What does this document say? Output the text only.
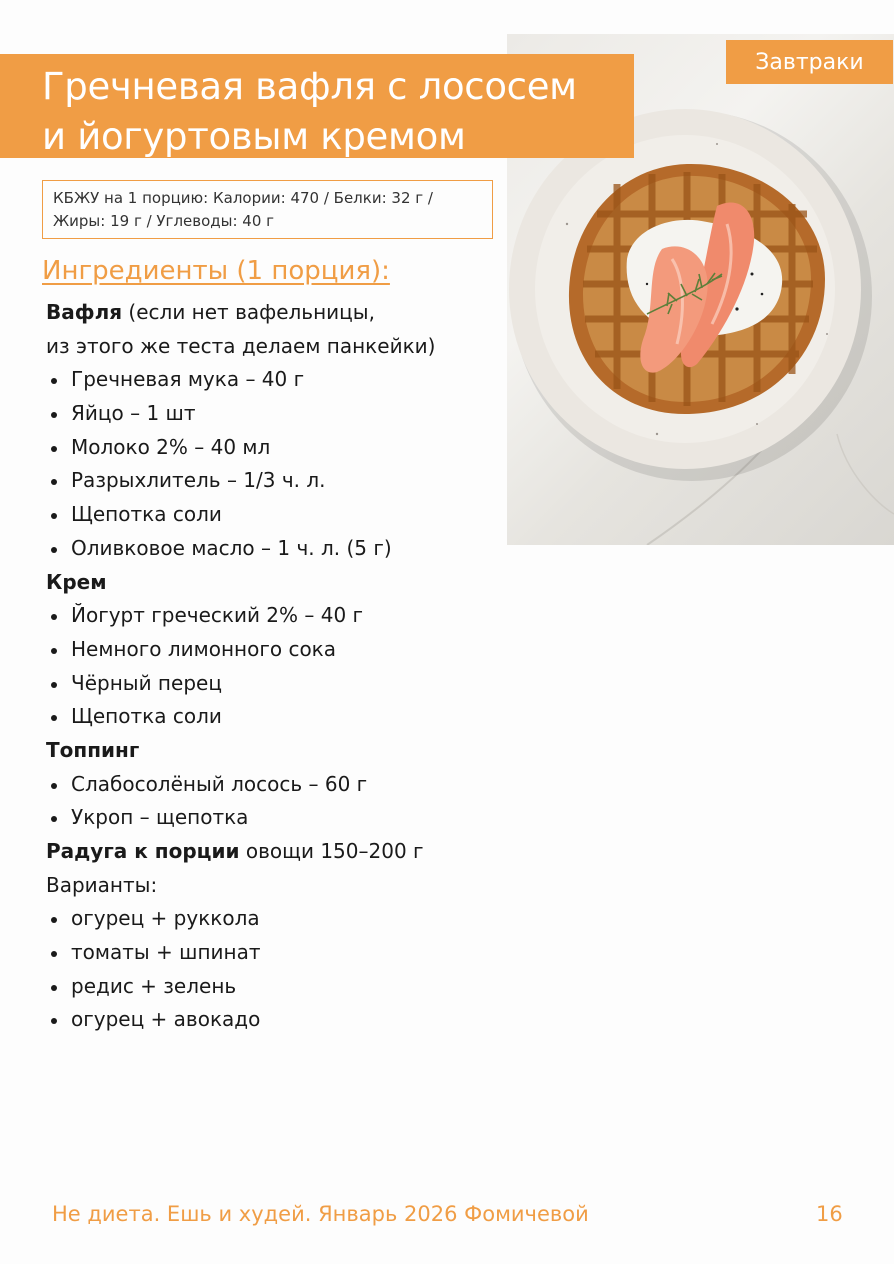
Гречневая вафля с лососем
и йогуртовым кремом
Завтраки
КБЖУ на 1 порцию: Калории: 470 / Белки: 32 г /
Жиры: 19 г / Углеводы: 40 г
Ингредиенты (1 порция):
Вафля (если нет вафельницы,
из этого же теста делаем панкейки)
Гречневая мука – 40 г
Яйцо – 1 шт
Молоко 2% – 40 мл
Разрыхлитель – 1/3 ч. л.
Щепотка соли
Оливковое масло – 1 ч. л. (5 г)
Крем
Йогурт греческий 2% – 40 г
Немного лимонного сока
Чёрный перец
Щепотка соли
Топпинг
Слабосолёный лосось – 60 г
Укроп – щепотка
Радуга к порции овощи 150–200 г
Варианты:
огурец + руккола
томаты + шпинат
редис + зелень
огурец + авокадо
Не диета. Ешь и худей. Январь 2026 Фомичевой	16
